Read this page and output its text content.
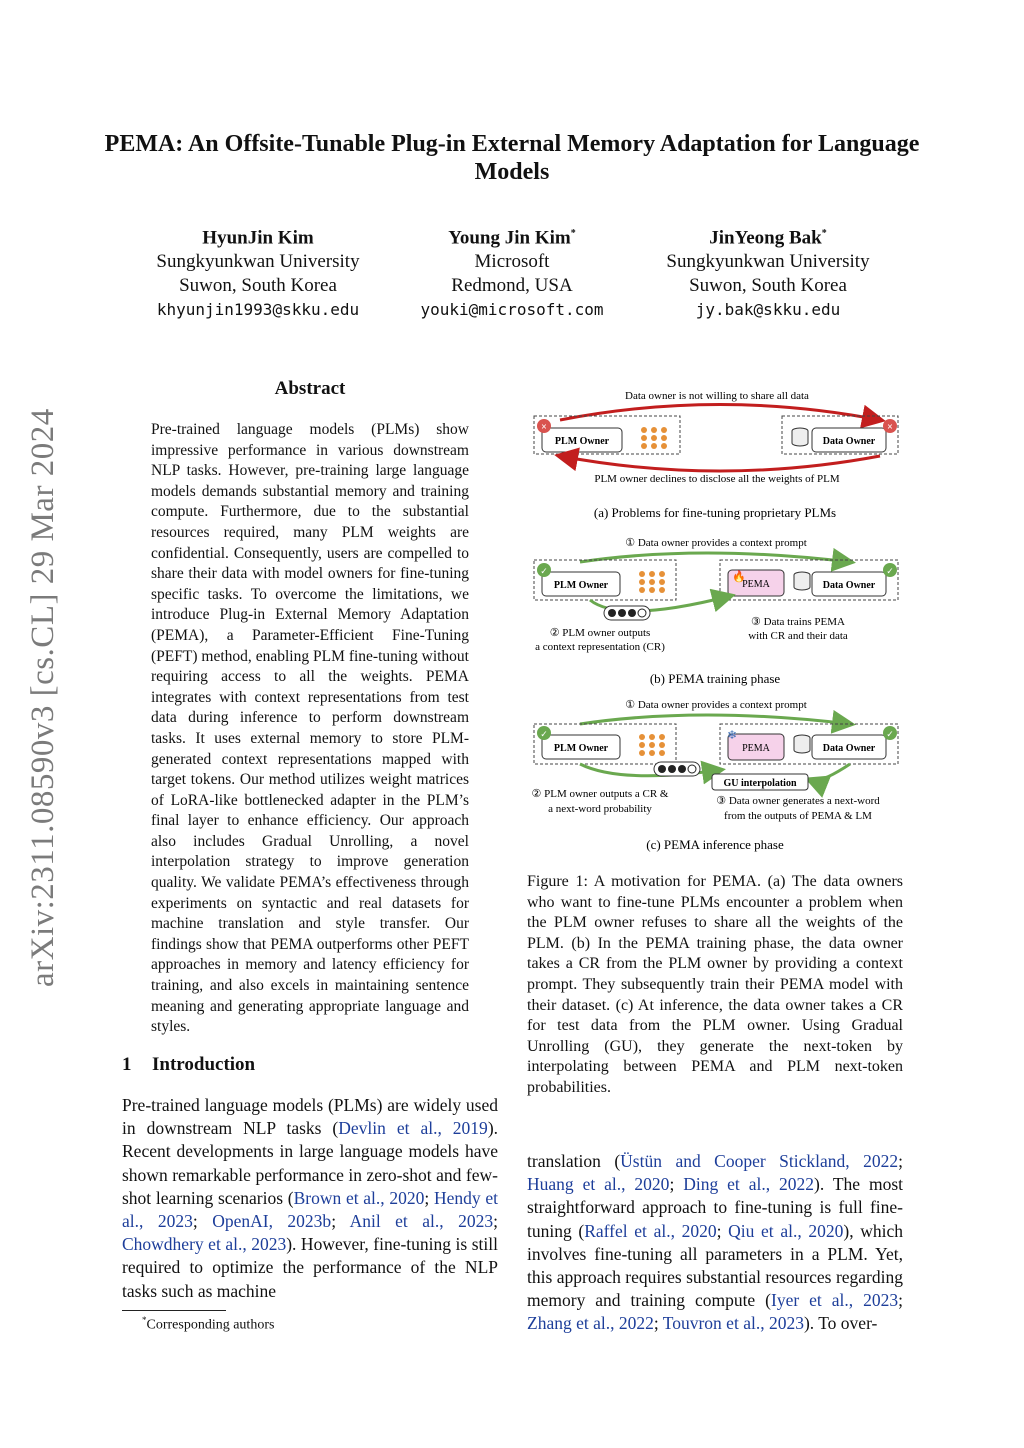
arXiv:2311.08590v3 [cs.CL] 29 Mar 2024
PEMA: An Offsite-Tunable Plug-in External Memory Adaptation for Language Models
HyunJin Kim
Sungkyunkwan University
Suwon, South Korea
khyunjin1993@skku.edu
Young Jin Kim*
Microsoft
Redmond, USA
youki@microsoft.com
JinYeong Bak*
Sungkyunkwan University
Suwon, South Korea
jy.bak@skku.edu
Abstract
Pre-trained language models (PLMs) show impressive performance in various downstream NLP tasks. However, pre-training large language models demands substantial memory and training compute. Furthermore, due to the substantial resources required, many PLM weights are confidential. Consequently, users are compelled to share their data with model owners for fine-tuning specific tasks. To overcome the limitations, we introduce Plug-in External Memory Adaptation (PEMA), a Parameter-Efficient Fine-Tuning (PEFT) method, enabling PLM fine-tuning without requiring access to all the weights. PEMA integrates with context representations from test data during inference to perform downstream tasks. It uses external memory to store PLM-generated context representations mapped with target tokens. Our method utilizes weight matrices of LoRA-like bottlenecked adapter in the PLM’s final layer to enhance efficiency. Our approach also includes Gradual Unrolling, a novel interpolation strategy to improve generation quality. We validate PEMA’s effectiveness through experiments on syntactic and real datasets for machine translation and style transfer. Our findings show that PEMA outperforms other PEFT approaches in memory and latency efficiency for training, and also excels in maintaining sentence meaning and generating appropriate language and styles.
1 Introduction
Pre-trained language models (PLMs) are widely used in downstream NLP tasks (Devlin et al., 2019). Recent developments in large language models have shown remarkable performance in zero-shot and few-shot learning scenarios (Brown et al., 2020; Hendy et al., 2023; OpenAI, 2023b; Anil et al., 2023; Chowdhery et al., 2023). However, fine-tuning is still required to optimize the performance of the NLP tasks such as machine
*Corresponding authors
Data owner is not willing to share all data
PLM Owner
×
Data Owner
×
PLM owner declines to disclose all the weights of PLM
(a) Problems for fine-tuning proprietary PLMs
① Data owner provides a context prompt
PLM Owner
✓
PEMA
🔥
Data Owner
✓
② PLM owner outputs
a context representation (CR)
③ Data trains PEMA
with CR and their data
(b) PEMA training phase
① Data owner provides a context prompt
PLM Owner
✓
PEMA
❄
Data Owner
✓
GU interpolation
② PLM owner outputs a CR &
a next-word probability
③ Data owner generates a next-word
from the outputs of PEMA & LM
(c) PEMA inference phase
Figure 1: A motivation for PEMA. (a) The data owners who want to fine-tune PLMs encounter a problem when the PLM owner refuses to share all the weights of the PLM. (b) In the PEMA training phase, the data owner takes a CR from the PLM owner by providing a context prompt. They subsequently train their PEMA model with their dataset. (c) At inference, the data owner takes a CR for test data from the PLM owner. Using Gradual Unrolling (GU), they generate the next-token by interpolating between PEMA and PLM next-token probabilities.
translation (Üstün and Cooper Stickland, 2022; Huang et al., 2020; Ding et al., 2022). The most straightforward approach to fine-tuning is full fine-tuning (Raffel et al., 2020; Qiu et al., 2020), which involves fine-tuning all parameters in a PLM. Yet, this approach requires substantial resources regarding memory and training compute (Iyer et al., 2023; Zhang et al., 2022; Touvron et al., 2023). To over-
